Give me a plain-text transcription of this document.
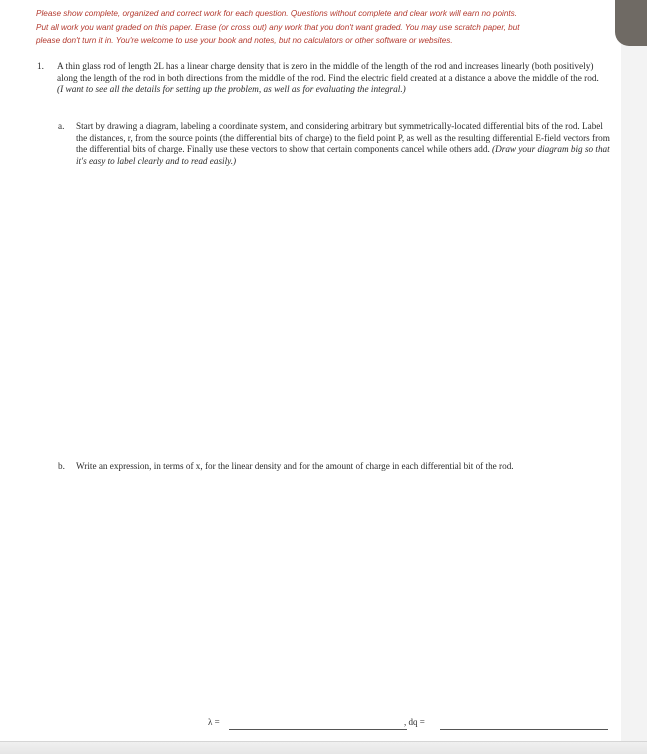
Please show complete, organized and correct work for each question. Questions without complete and clear work will earn no points.
Put all work you want graded on this paper. Erase (or cross out) any work that you don't want graded. You may use scratch paper, but
please don't turn it in. You're welcome to use your book and notes, but no calculators or other software or websites.
1. A thin glass rod of length 2L has a linear charge density that is zero in the middle of the length of the rod and increases linearly (both positively) along the length of the rod in both directions from the middle of the rod. Find the electric field created at a distance a above the middle of the rod. (I want to see all the details for setting up the problem, as well as for evaluating the integral.)
a. Start by drawing a diagram, labeling a coordinate system, and considering arbitrary but symmetrically-located differential bits of the rod. Label the distances, r, from the source points (the differential bits of charge) to the field point P, as well as the resulting differential E-field vectors from the differential bits of charge. Finally use these vectors to show that certain components cancel while others add. (Draw your diagram big so that it's easy to label clearly and to read easily.)
b. Write an expression, in terms of x, for the linear density and for the amount of charge in each differential bit of the rod.
λ =	, dq =
